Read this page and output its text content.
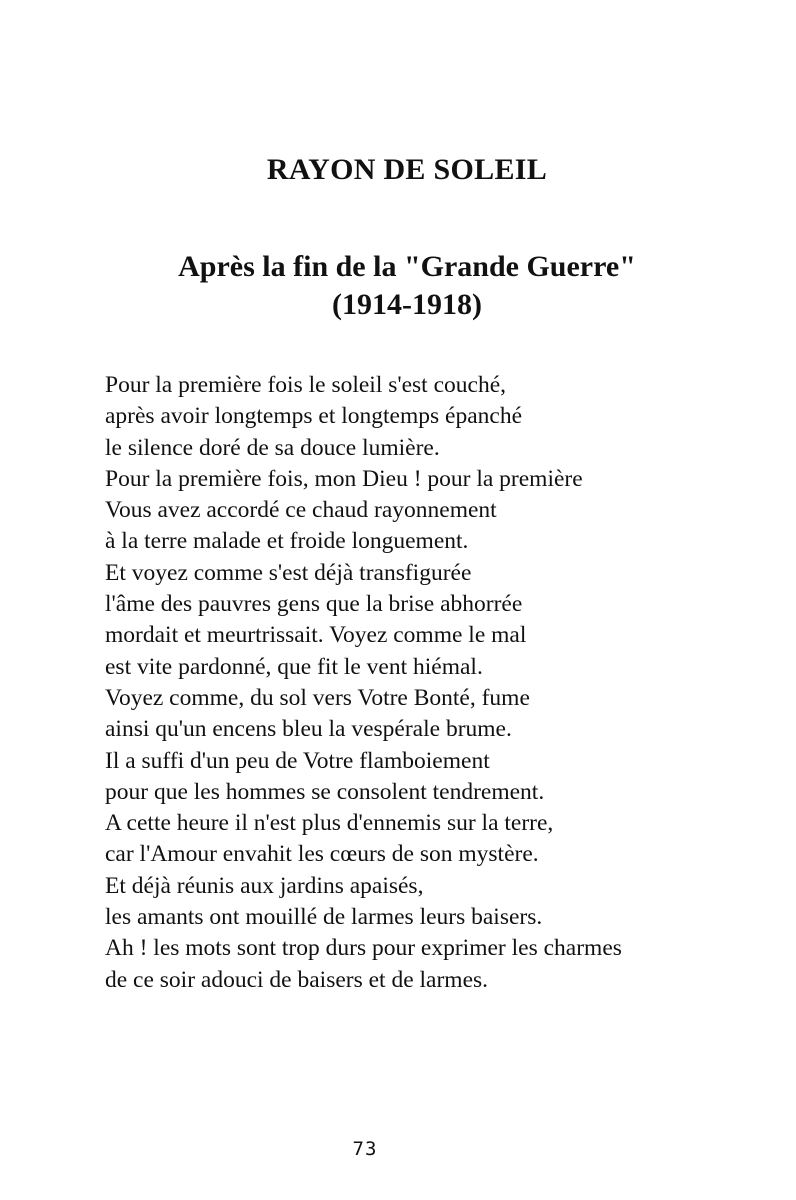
RAYON DE SOLEIL
Après la fin de la "Grande Guerre"
(1914-1918)
Pour la première fois le soleil s'est couché,
après avoir longtemps et longtemps épanché
le silence doré de sa douce lumière.
Pour la première fois, mon Dieu ! pour la première
Vous avez accordé ce chaud rayonnement
à la terre malade et froide longuement.
Et voyez comme s'est déjà transfigurée
l'âme des pauvres gens que la brise abhorrée
mordait et meurtrissait. Voyez comme le mal
est vite pardonné, que fit le vent hiémal.
Voyez comme, du sol vers Votre Bonté, fume
ainsi qu'un encens bleu la vespérale brume.
Il a suffi d'un peu de Votre flamboiement
pour que les hommes se consolent tendrement.
A cette heure il n'est plus d'ennemis sur la terre,
car l'Amour envahit les cœurs de son mystère.
Et déjà réunis aux jardins apaisés,
les amants ont mouillé de larmes leurs baisers.
Ah ! les mots sont trop durs pour exprimer les charmes
de ce soir adouci de baisers et de larmes.
73
